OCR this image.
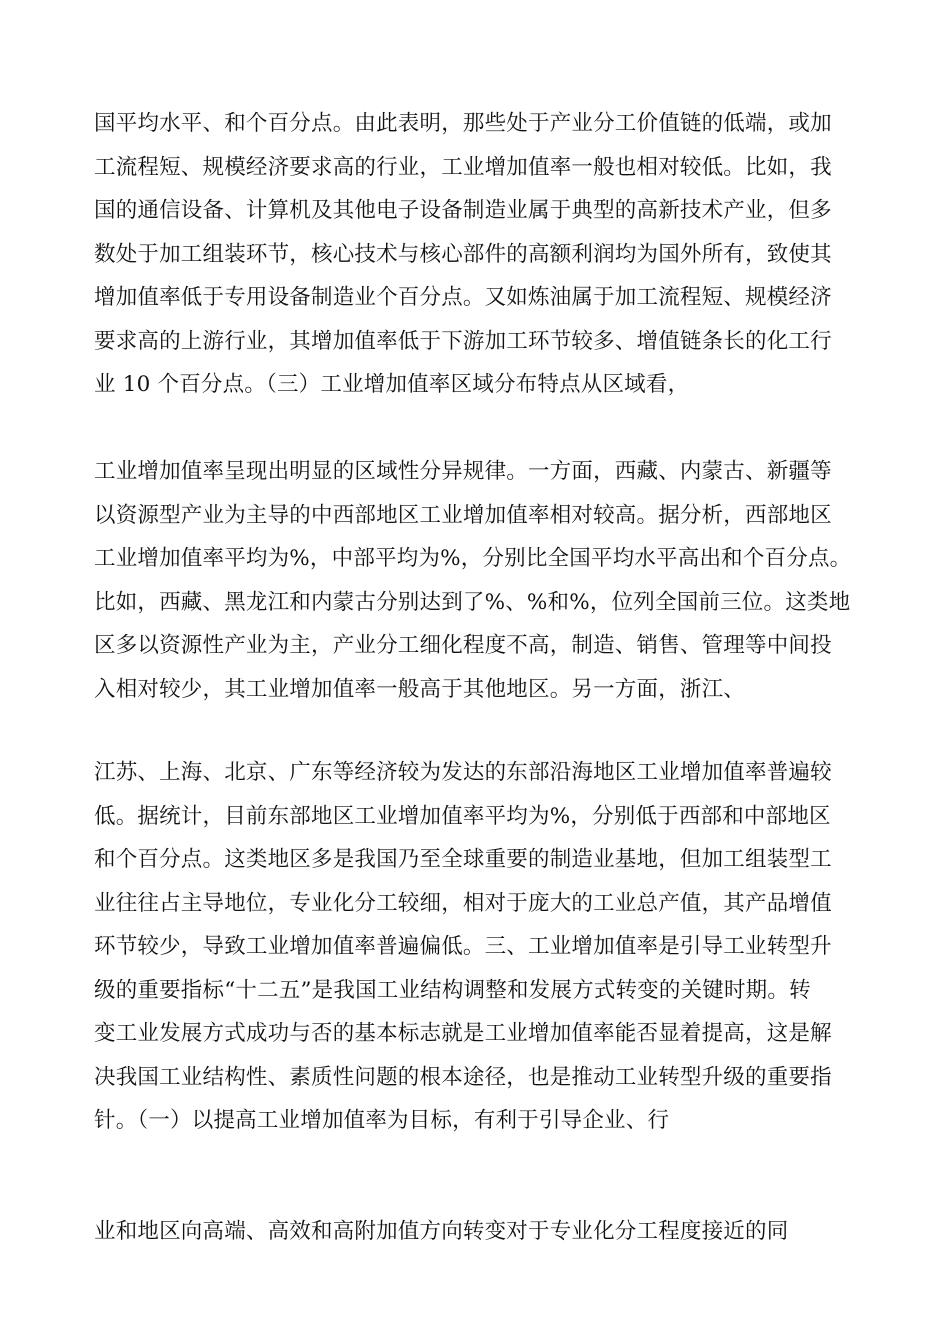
国平均水平、和个百分点。由此表明，那些处于产业分工价值链的低端，或加
工流程短、规模经济要求高的行业，工业增加值率一般也相对较低。比如，我
国的通信设备、计算机及其他电子设备制造业属于典型的高新技术产业，但多
数处于加工组装环节，核心技术与核心部件的高额利润均为国外所有，致使其
增加值率低于专用设备制造业个百分点。又如炼油属于加工流程短、规模经济
要求高的上游行业，其增加值率低于下游加工环节较多、增值链条长的化工行
业 10 个百分点。（三）工业增加值率区域分布特点从区域看，
工业增加值率呈现出明显的区域性分异规律。一方面，西藏、内蒙古、新疆等
以资源型产业为主导的中西部地区工业增加值率相对较高。据分析，西部地区
工业增加值率平均为%，中部平均为%，分别比全国平均水平高出和个百分点。
比如，西藏、黑龙江和内蒙古分别达到了%、%和%，位列全国前三位。这类地
区多以资源性产业为主，产业分工细化程度不高，制造、销售、管理等中间投
入相对较少，其工业增加值率一般高于其他地区。另一方面，浙江、
江苏、上海、北京、广东等经济较为发达的东部沿海地区工业增加值率普遍较
低。据统计，目前东部地区工业增加值率平均为%，分别低于西部和中部地区
和个百分点。这类地区多是我国乃至全球重要的制造业基地，但加工组装型工
业往往占主导地位，专业化分工较细，相对于庞大的工业总产值，其产品增值
环节较少，导致工业增加值率普遍偏低。三、工业增加值率是引导工业转型升
级的重要指标“十二五”是我国工业结构调整和发展方式转变的关键时期。转
变工业发展方式成功与否的基本标志就是工业增加值率能否显着提高，这是解
决我国工业结构性、素质性问题的根本途径，也是推动工业转型升级的重要指
针。（一）以提高工业增加值率为目标，有利于引导企业、行
业和地区向高端、高效和高附加值方向转变对于专业化分工程度接近的同
